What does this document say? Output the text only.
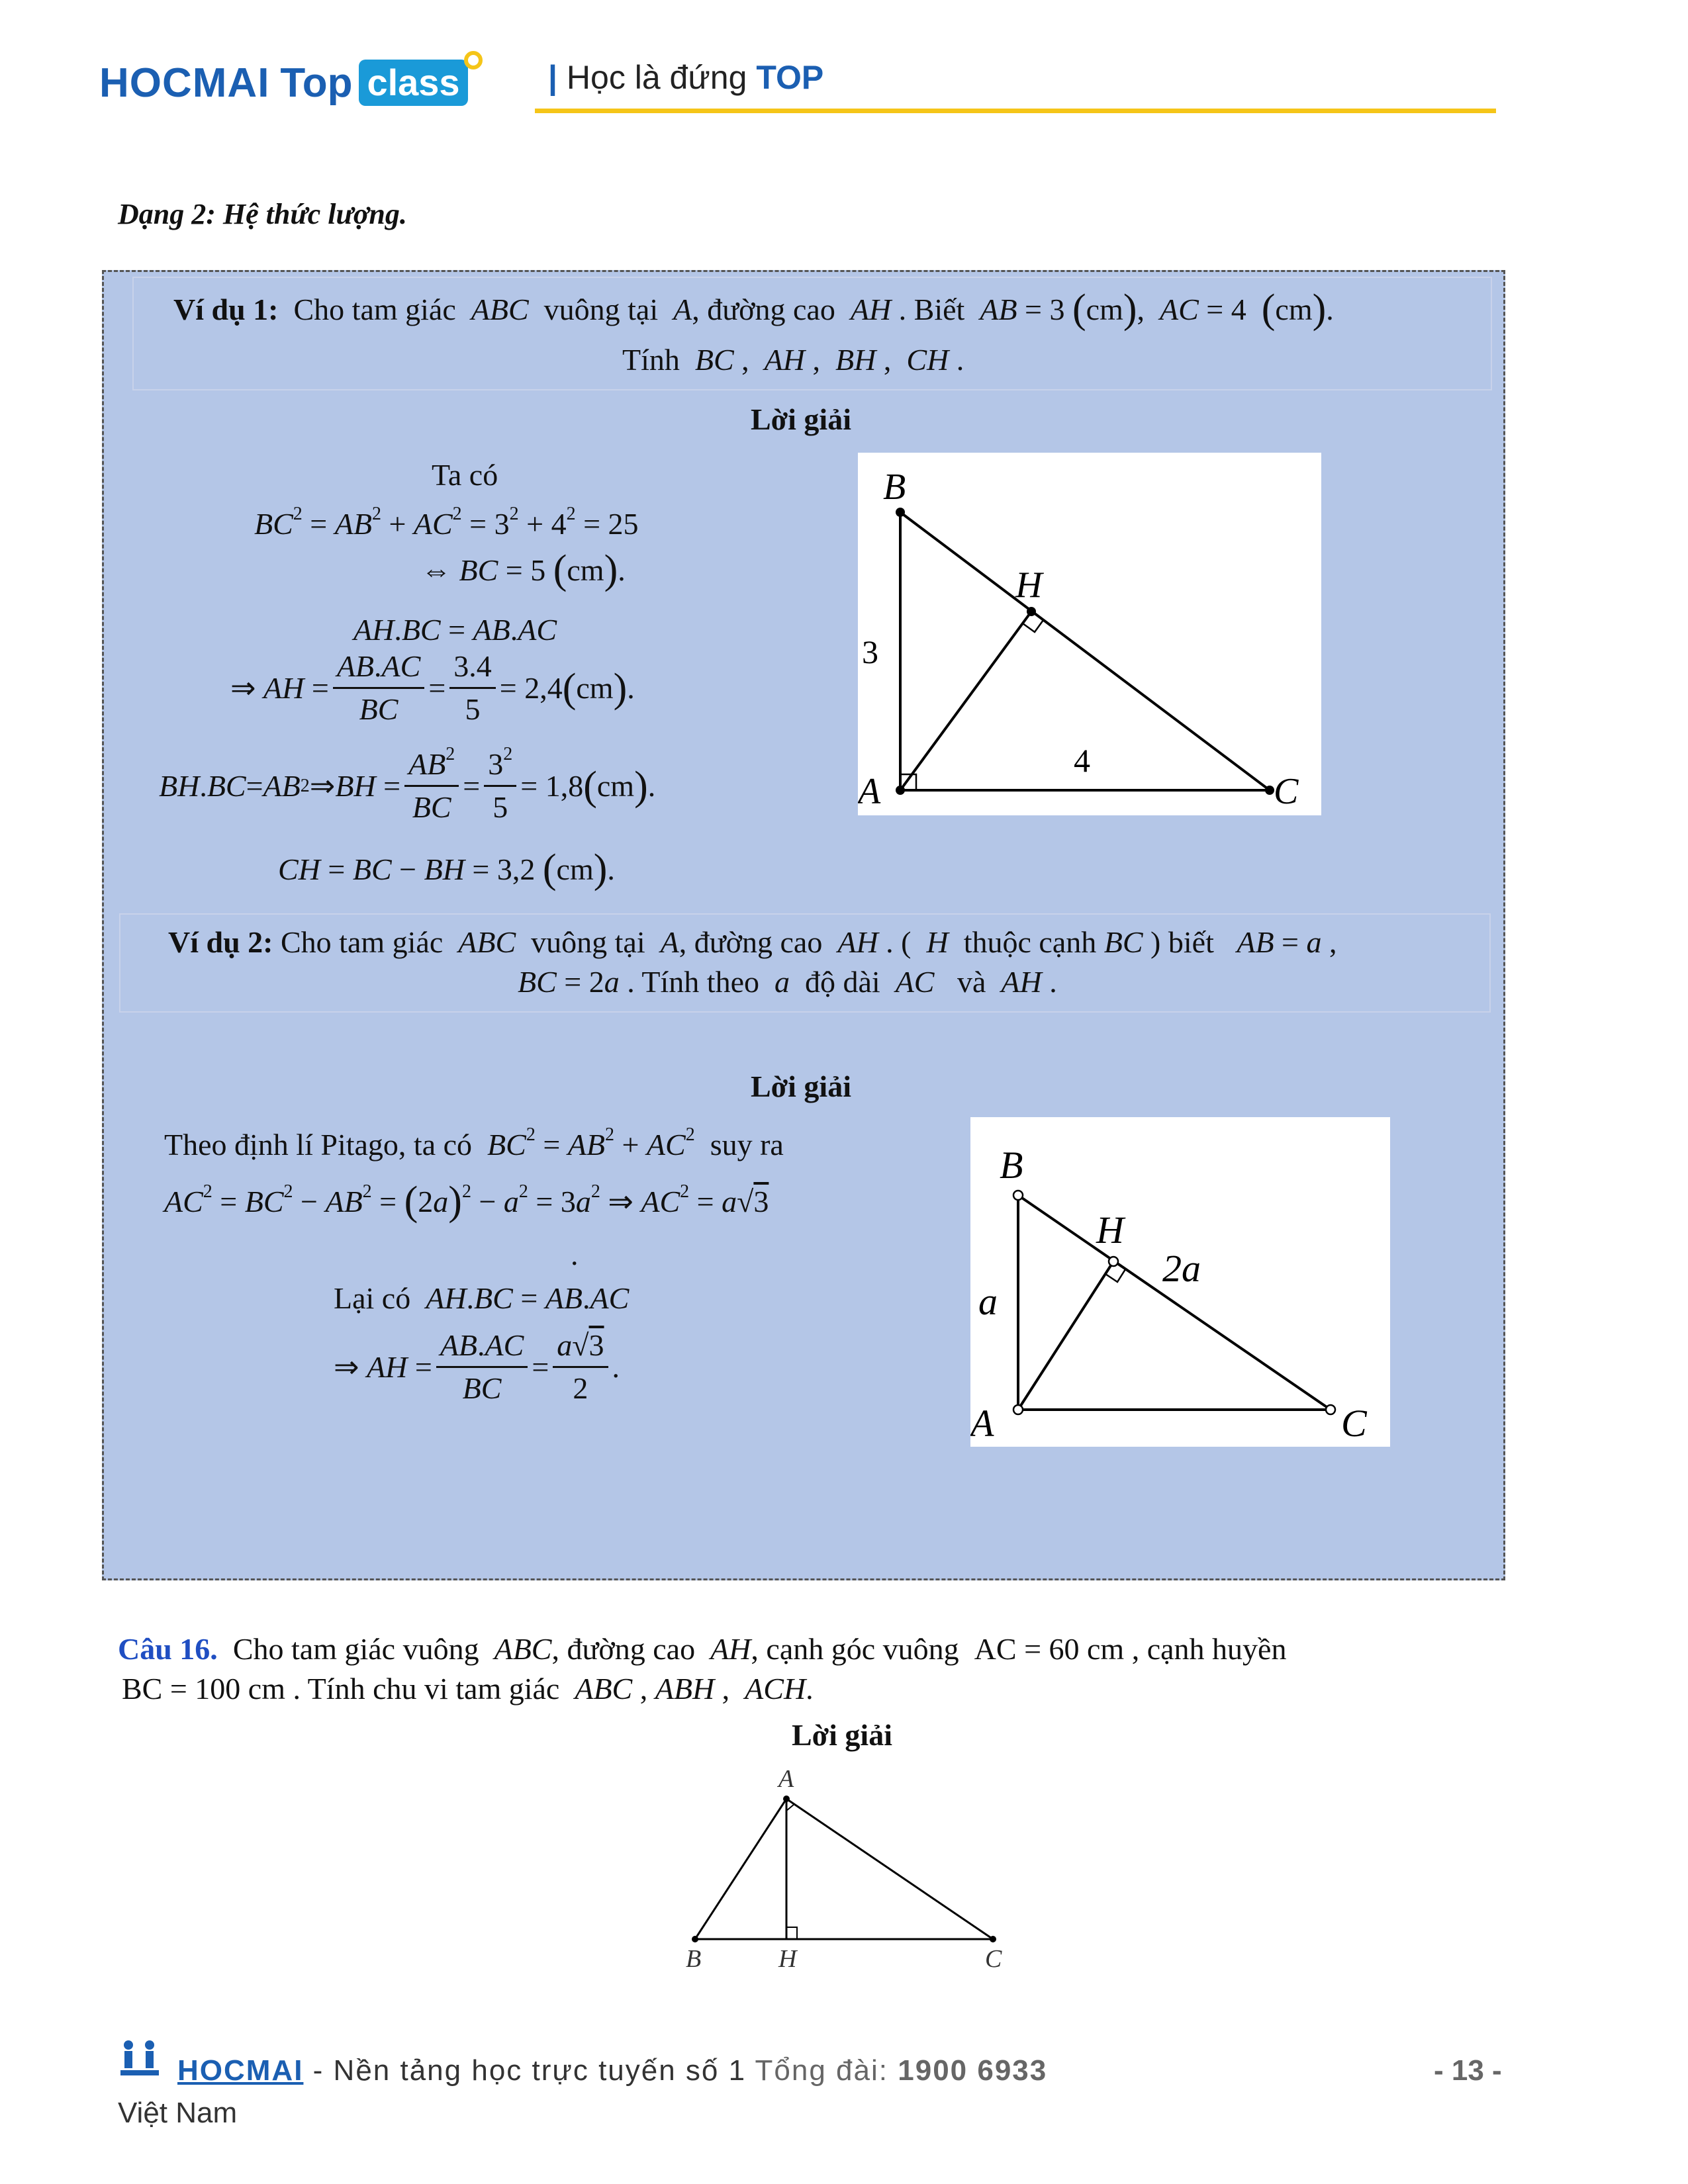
HOCMAI Top class	| Học là đứng TOP
Dạng 2: Hệ thức lượng.
Ví dụ 1: Cho tam giác ABC vuông tại A, đường cao AH . Biết AB = 3 (cm),  AC = 4  (cm).
Tính BC ,  AH ,  BH ,  CH .
Lời giải
Ta có
$BC^2 = AB^2 + AC^2 = 3^2 + 4^2 = 25$
⇔ BC = 5 (cm).
AH.BC = AB.AC
⇒ AH = $\frac{AB.AC}{BC} = \frac{3.4}{5} = 2,4$ ( cm ) .
BH . BC = AB 2 ⇒ BH = $\frac{AB^2}{BC} = \frac{3^2}{5} = 1,8$ ( cm ) .
CH = BC − BH = 3,2 (cm).
B
H
A	C
3
4
Ví dụ 2: Cho tam giác ABC vuông tại A, đường cao AH . ( H thuộc cạnh BC ) biết AB = a ,
BC = 2a . Tính theo a độ dài AC và AH .
Lời giải
Theo định lí Pitago, ta có $BC^2 = AB^2 + AC^2$ suy ra
$AC^2 = BC^2 - AB^2 = (2a)^2 - a^2 = 3a^2$ ⇒ $AC^2 = a√3$
.
Lại có AH.BC = AB.AC
⇒ AH = $\frac{AB.AC}{BC} = \frac{a√3}{2}$ .
B
H
A	C
a
2a
Câu 16. Cho tam giác vuông ABC, đường cao AH, cạnh góc vuông AC = 60 cm , cạnh huyền
BC = 100 cm . Tính chu vi tam giác ABC , ABH ,  ACH.
Lời giải
A
B	H	C
HOCMAI - Nền tảng học trực tuyến số 1 Tổng đài: 1900 6933	- 13 -
Việt Nam
